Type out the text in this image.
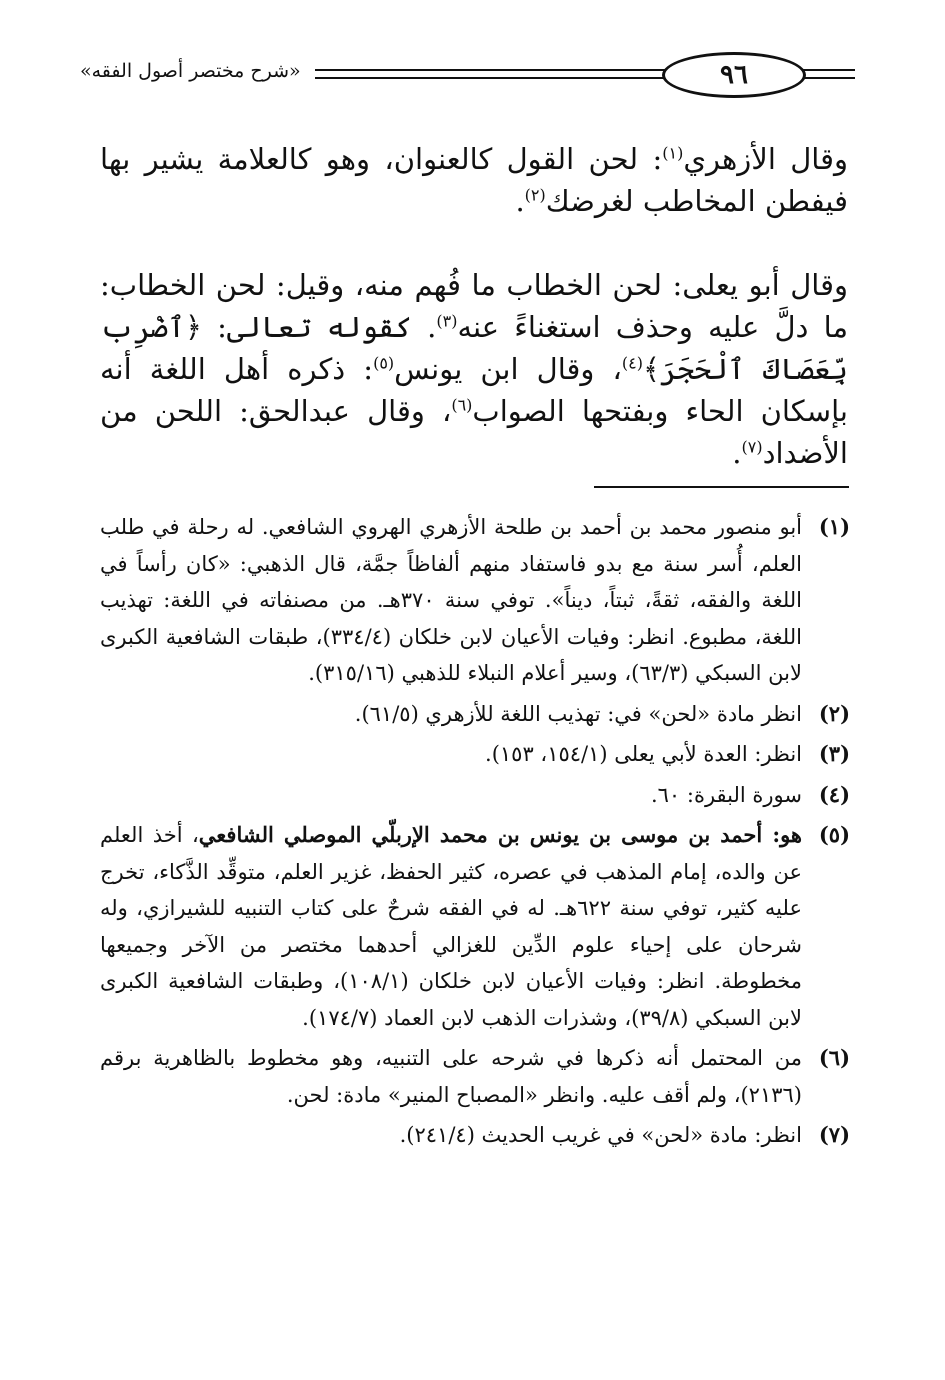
«شرح مختصر أصول الفقه»	٩٦
وقال الأزهري$^{(١)}$: لحن القول كالعنوان، وهو كالعلامة يشير بها فيفطن المخاطب لغرضك$^{(٢)}$.
وقال أبو يعلى: لحن الخطاب ما فُهم منه، وقيل: لحن الخطاب: ما دلَّ عليه وحذف استغناءً عنه$^{(٣)}$. كقوله تعالى: ﴿ٱضْرِب بِّعَصَاكَ ٱلْحَجَرَ﴾$^{(٤)}$، وقال ابن يونس$^{(٥)}$: ذكره أهل اللغة أنه بإسكان الحاء وبفتحها الصواب$^{(٦)}$، وقال عبدالحق: اللحن من الأضداد$^{(٧)}$.

(١)
أبو منصور محمد بن أحمد بن طلحة الأزهري الهروي الشافعي. له رحلة في طلب العلم، أُسر سنة مع بدو فاستفاد منهم ألفاظاً جمَّة، قال الذهبي: «كان رأساً في اللغة والفقه، ثقةً، ثبتاً، ديناً». توفي سنة ٣٧٠هـ. من مصنفاته في اللغة: تهذيب اللغة، مطبوع. انظر: وفيات الأعيان لابن خلكان (٣٣٤/٤)، طبقات الشافعية الكبرى لابن السبكي (٦٣/٣)، وسير أعلام النبلاء للذهبي (٣١٥/١٦).

(٢)
انظر مادة «لحن» في: تهذيب اللغة للأزهري (٦١/٥).

(٣)
انظر: العدة لأبي يعلى (١٥٤/١، ١٥٣).

(٤)
سورة البقرة: ٦٠.

(٥)
هو: أحمد بن موسى بن يونس بن محمد الإربلّي الموصلي الشافعي، أخذ العلم عن والده، إمام المذهب في عصره، كثير الحفظ، غزير العلم، متوقِّد الذَّكاء، تخرج عليه كثير، توفي سنة ٦٢٢هـ. له في الفقه شرحٌ على كتاب التنبيه للشيرازي، وله شرحان على إحياء علوم الدِّين للغزالي أحدهما مختصر من الآخر وجميعها مخطوطة. انظر: وفيات الأعيان لابن خلكان (١٠٨/١)، وطبقات الشافعية الكبرى لابن السبكي (٣٩/٨)، وشذرات الذهب لابن العماد (١٧٤/٧).

(٦)
من المحتمل أنه ذكرها في شرحه على التنبيه، وهو مخطوط بالظاهرية برقم (٢١٣٦)، ولم أقف عليه. وانظر «المصباح المنير» مادة: لحن.

(٧)
انظر: مادة «لحن» في غريب الحديث (٢٤١/٤).
